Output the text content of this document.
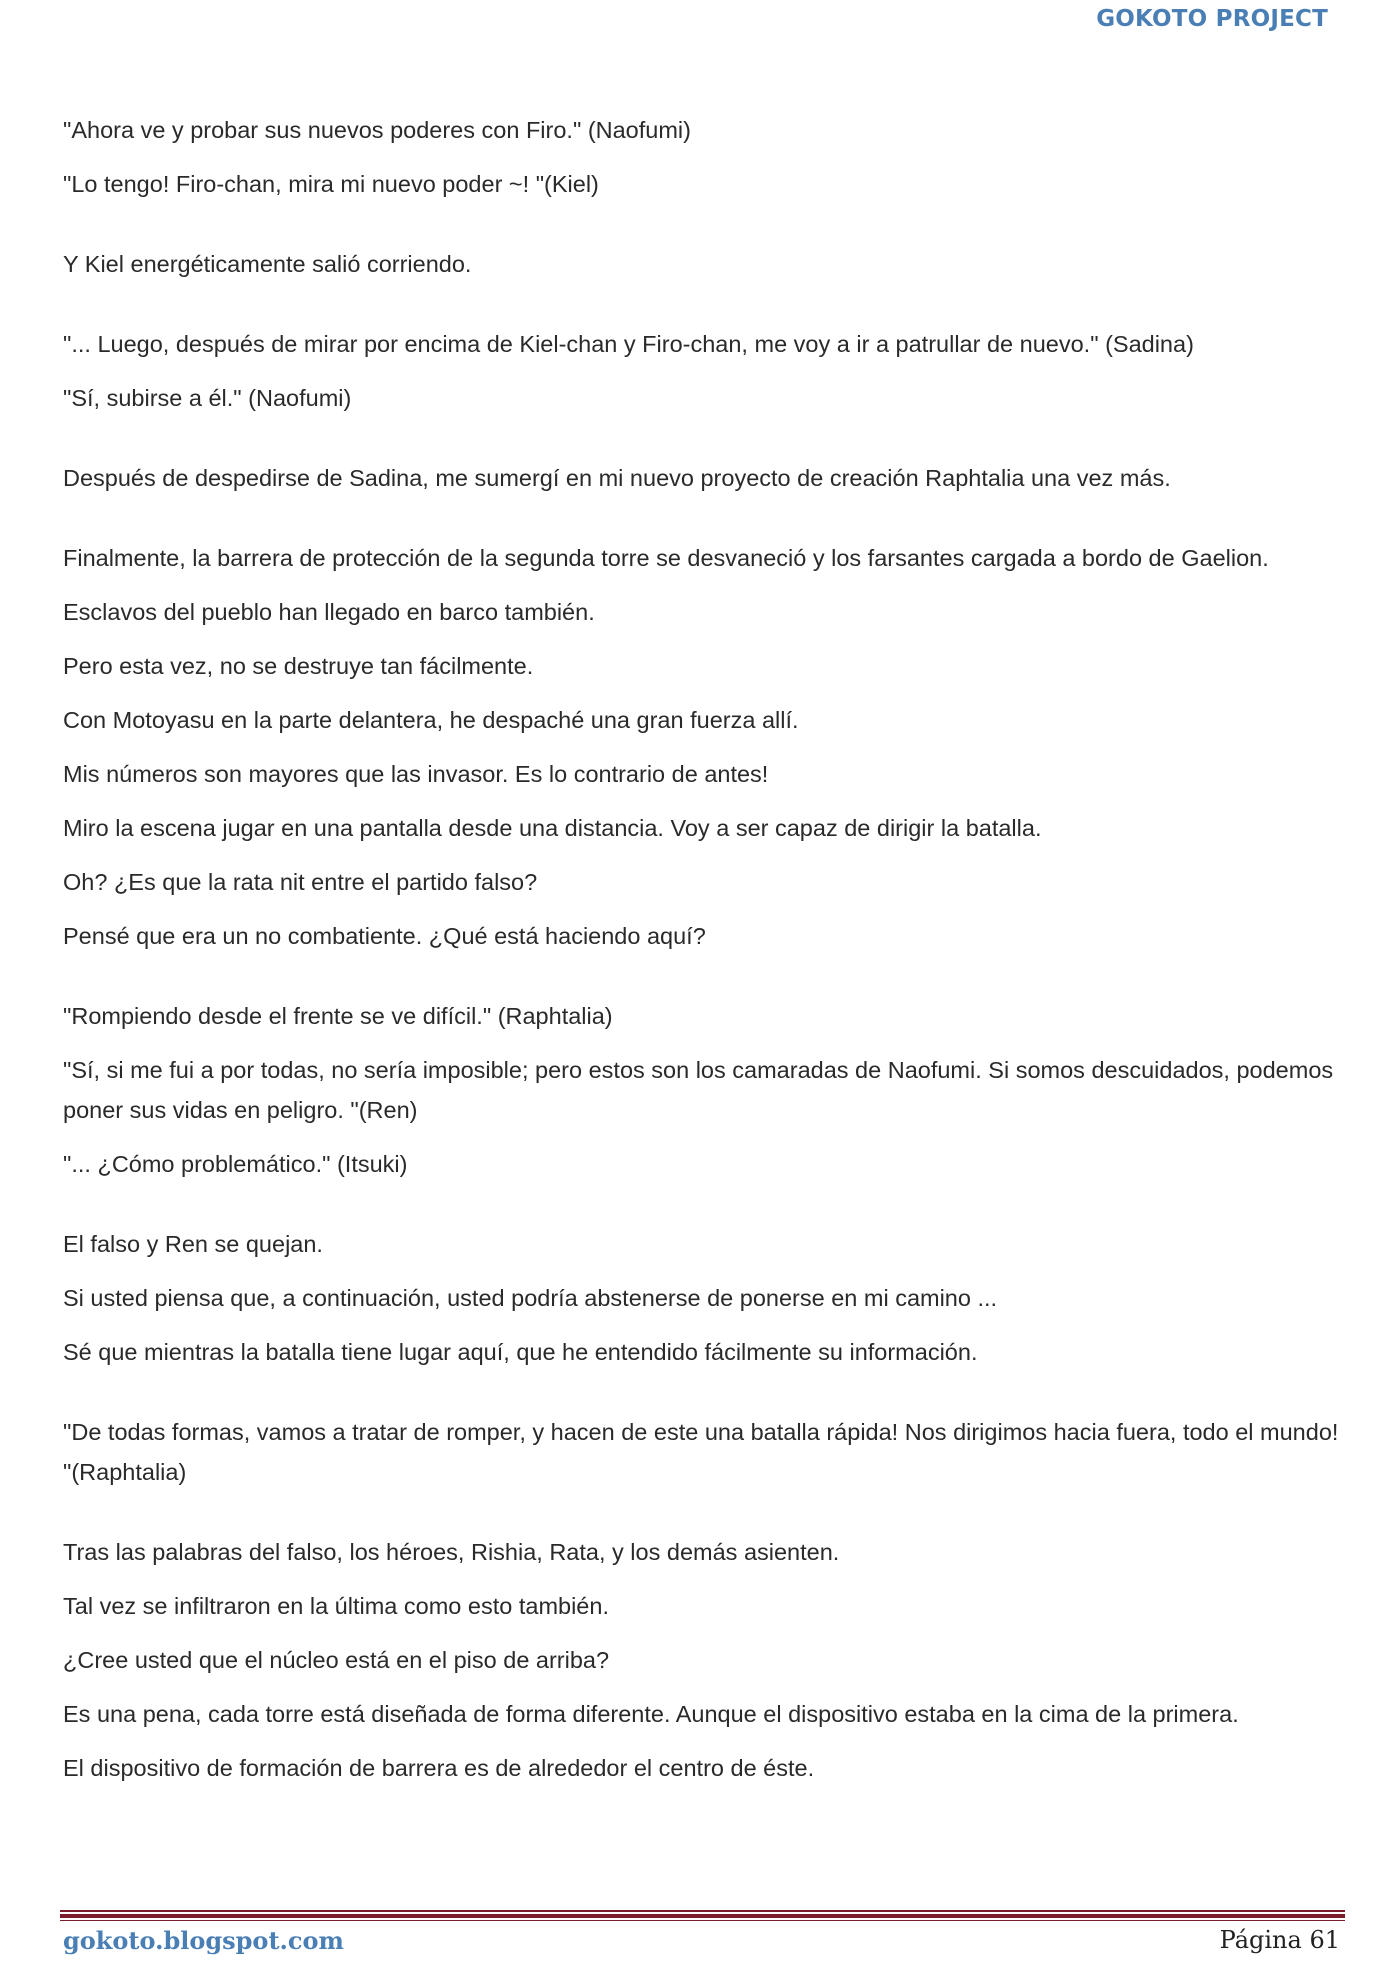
GOKOTO PROJECT

"Ahora ve y probar sus nuevos poderes con Firo." (Naofumi)

"Lo tengo! Firo-chan, mira mi nuevo poder ~! "(Kiel)

Y Kiel energéticamente salió corriendo.

"... Luego, después de mirar por encima de Kiel-chan y Firo-chan, me voy a ir a patrullar de nuevo." (Sadina)

"Sí, subirse a él." (Naofumi)

Después de despedirse de Sadina, me sumergí en mi nuevo proyecto de creación Raphtalia una vez más.

Finalmente, la barrera de protección de la segunda torre se desvaneció y los farsantes cargada a bordo de Gaelion.

Esclavos del pueblo han llegado en barco también.

Pero esta vez, no se destruye tan fácilmente.

Con Motoyasu en la parte delantera, he despaché una gran fuerza allí.

Mis números son mayores que las invasor. Es lo contrario de antes!

Miro la escena jugar en una pantalla desde una distancia. Voy a ser capaz de dirigir la batalla.

Oh? ¿Es que la rata nit entre el partido falso?

Pensé que era un no combatiente. ¿Qué está haciendo aquí?

"Rompiendo desde el frente se ve difícil." (Raphtalia)

"Sí, si me fui a por todas, no sería imposible; pero estos son los camaradas de Naofumi. Si somos descuidados, podemos poner sus vidas en peligro. "(Ren)

"... ¿Cómo problemático." (Itsuki)

El falso y Ren se quejan.

Si usted piensa que, a continuación, usted podría abstenerse de ponerse en mi camino ...

Sé que mientras la batalla tiene lugar aquí, que he entendido fácilmente su información.

"De todas formas, vamos a tratar de romper, y hacen de este una batalla rápida! Nos dirigimos hacia fuera, todo el mundo! "(Raphtalia)

Tras las palabras del falso, los héroes, Rishia, Rata, y los demás asienten.

Tal vez se infiltraron en la última como esto también.

¿Cree usted que el núcleo está en el piso de arriba?

Es una pena, cada torre está diseñada de forma diferente. Aunque el dispositivo estaba en la cima de la primera.

El dispositivo de formación de barrera es de alrededor el centro de éste.

gokoto.blogspot.com	Página 61
